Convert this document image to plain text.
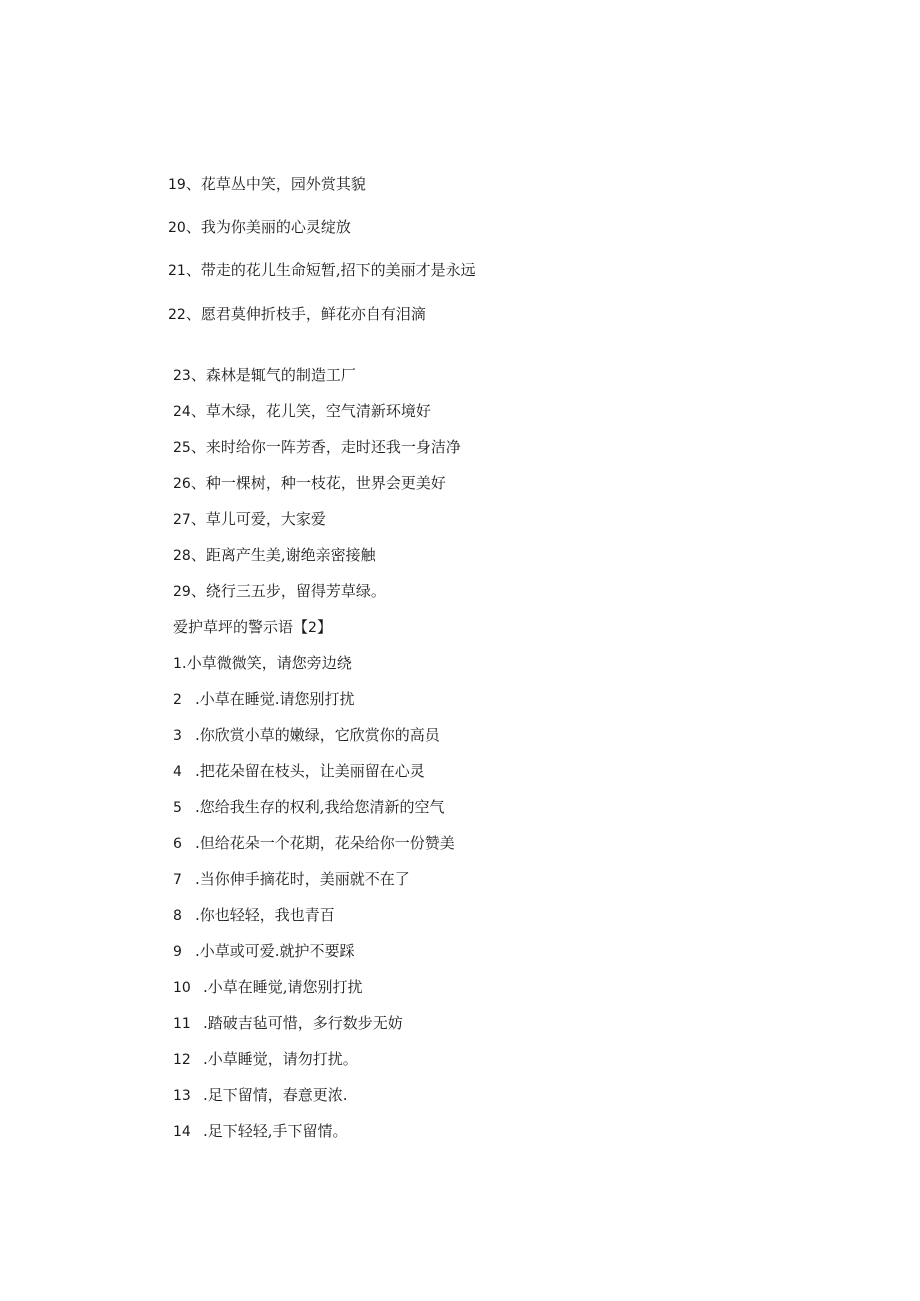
19、花草丛中笑，园外赏其貌
20、我为你美丽的心灵绽放
21、带走的花儿生命短暂,招下的美丽才是永远
22、愿君莫伸折枝手，鲜花亦自有泪滴
23、森林是辄气的制造工厂
24、草木绿，花儿笑，空气清新环境好
25、来时给你一阵芳香，走时还我一身洁净
26、种一棵树，种一枝花，世界会更美好
27、草儿可爱，大家爱
28、距离产生美,谢绝亲密接触
29、绕行三五步，留得芳草绿。
爱护草坪的警示语【2】
1.小草微微笑，请您旁边绕
2 .小草在睡觉.请您别打扰
3 .你欣赏小草的嫩绿，它欣赏你的高员
4 .把花朵留在枝头，让美丽留在心灵
5 .您给我生存的权利,我给您清新的空气
6 .但给花朵一个花期，花朵给你一份赞美
7 .当你伸手摘花时，美丽就不在了
8 .你也轻轻，我也青百
9 .小草或可爱.就护不要踩
10 .小草在睡觉,请您别打扰
11 .踏破吉毡可惜，多行数步无妨
12 .小草睡觉，请勿打扰。
13 .足下留情，春意更浓.
14 .足下轻轻,手下留情。
